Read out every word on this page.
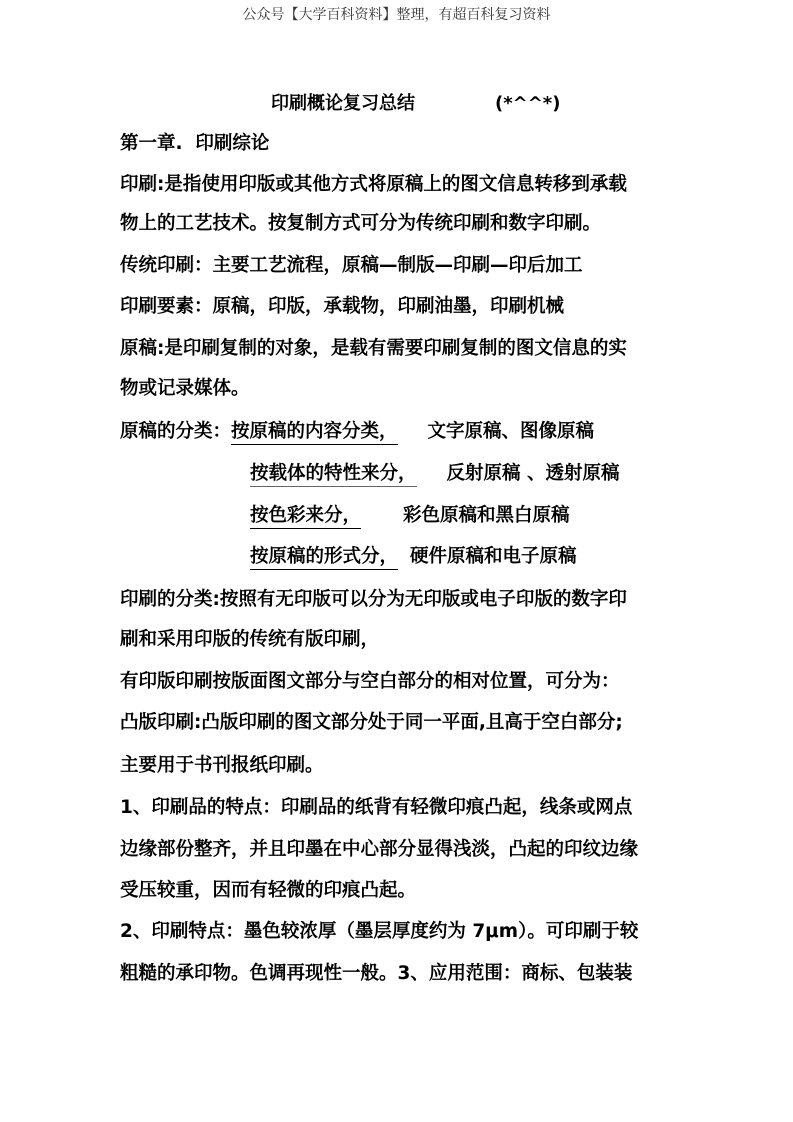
公众号【大学百科资料】整理，有超百科复习资料
印刷概论复习总结	(*^^*)
第一章.  印刷综论
印刷:是指使用印版或其他方式将原稿上的图文信息转移到承载
物上的工艺技术。按复制方式可分为传统印刷和数字印刷。
传统印刷：主要工艺流程，原稿—制版—印刷—印后加工
印刷要素：原稿，印版，承载物，印刷油墨，印刷机械
原稿:是印刷复制的对象，是载有需要印刷复制的图文信息的实
物或记录媒体。
原稿的分类：按原稿的内容分类， 文字原稿、图像原稿
按载体的特性来分， 反射原稿 、透射原稿
按色彩来分， 彩色原稿和黑白原稿
按原稿的形式分， 硬件原稿和电子原稿
印刷的分类:按照有无印版可以分为无印版或电子印版的数字印
刷和采用印版的传统有版印刷，
有印版印刷按版面图文部分与空白部分的相对位置，可分为：
凸版印刷:凸版印刷的图文部分处于同一平面,且高于空白部分;
主要用于书刊报纸印刷。
1、印刷品的特点：印刷品的纸背有轻微印痕凸起，线条或网点
边缘部份整齐，并且印墨在中心部分显得浅淡，凸起的印纹边缘
受压较重，因而有轻微的印痕凸起。
2、印刷特点：墨色较浓厚（墨层厚度约为 7μm）。可印刷于较
粗糙的承印物。色调再现性一般。3、应用范围：商标、包装装
